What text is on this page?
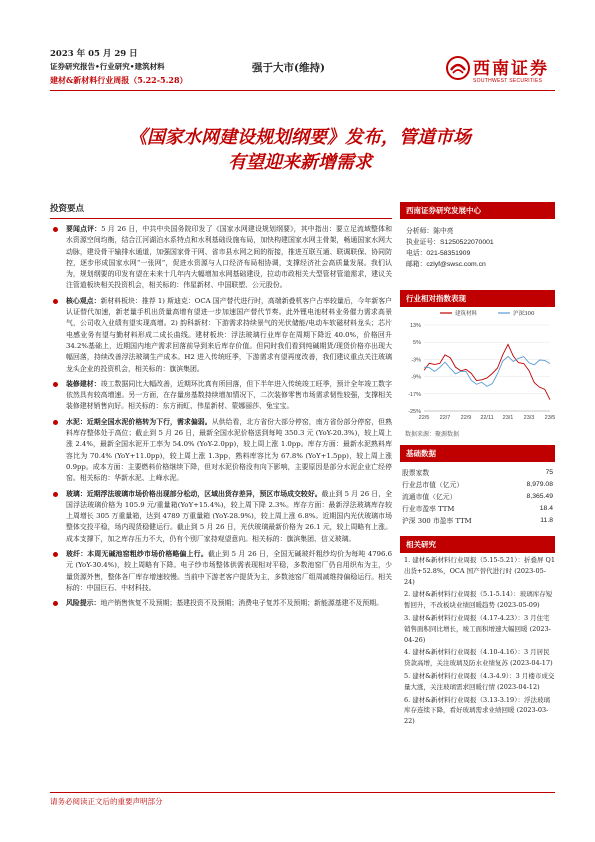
2023 年 05 月 29 日
证券研究报告•行业研究•建筑材料
建材&新材料行业周报（5.22-5.28）
强于大市(维持)	西南证券
SOUTHWEST SECURITIES
《国家水网建设规划纲要》发布，管道市场
有望迎来新增需求
投资要点
要闻点评：5 月 26 日，中共中央国务院印发了《国家水网建设规划纲要》，其中指出：要立足流域整体和水资源空间均衡，结合江河湖泊水系特点和水利基础设施布局，加快构建国家水网主骨架，畅通国家水网大动脉，建设骨干输排水通道，加强国家骨干网、省市县水网之间的衔接，推进互联互通、联调联保、协同防控，逐步形成国家水网“一张网”，促进水资源与人口经济布局相协调，支撑经济社会高质量发展。我们认为，规划纲要的印发有望在未来十几年内大幅增加水网基础建设，拉动市政相关大型管材管道需求，建议关注管道板块相关投资机会，相关标的：伟星新材、中国联塑、公元股份。
核心观点：新材料板块：推荐 1) 斯迪克：OCA 国产替代进行时，高端新叠机客户占率较量后，今年新客户认证替代加速，新老量手机出货量高增有望进一步加速国产替代节奏。此外锂电池材料业务催力需求高景气，公司收入业绩有望实现高增。2) 韵科新材：下游需求持续景气的光伏储能/电动车软磁材料龙头；芯片电感业务有望与勤材料形成二成长曲线。建材板块：浮法玻璃行业库存在周期下降近 40.0%，价格回升 34.2%基础上，近期国内地产需求回落前导到来后库存价值。但同时我们看到纯碱期货/现货价格亦出现大幅回落，持续改善浮法玻璃生产成本。H2 进入传统旺季，下游需求有望再度改善，我们建议重点关注玻璃龙头企业的投资机会，相关标的：旗滨集团。
装修建材：竣工数据同比大幅改善，近期环比真有所回落，但下半年进入传统竣工旺季，预计全年竣工数字依然具有较高增速。另一方面，在存量房基数持续增加情况下，二次装修零售市场需求韧性较强，支撑相关装修建材销售向好。相关标的：东方雨虹、伟星新材、蒙娜丽莎、兔宝宝。
水泥：近期全国水泥价格转为下行，需求偏弱。从供给看，北方省份大部分停窑，南方省份部分停窑，但熟料库存整体处于高位；截止到 5 月 26 日，最新全国水泥价格送到每吨 350.3 元 (YoY-20.3%)，较上周上涨 2.4%，最新全国水泥开工率为 54.0% (YoY-2.0pp)，较上周上涨 1.0pp。库存方面：最新水泥熟料库容比为 70.4% (YoY+11.0pp)，较上周上涨 1.3pp，熟料库容比为 67.8% (YoY+1.5pp)，较上周上涨 0.9pp。成本方面：主要燃料价格继续下降，但对水泥价格没有向下影响，主要原因是部分水泥企业亡经停窑。相关标的：华新水泥、上峰水泥。
玻璃：近期浮法玻璃市场价格出现部分松动，区域出货存差异，预区市场成交较好。截止到 5 月 26 日，全国浮法玻璃价格为 105.9 元/重量箱(YoY+15.4%)，较上周下降 2.3%。库存方面：最新浮法玻璃库存较上周增长 305 万重量箱，达到 4789 万重量箱 (YoY-28.9%)，较上周上涨 6.8%。近期国内光伏玻璃市场整体交投平稳，场内现货稳健运行。截止到 5 月 26 日，光伏玻璃最新价格为 26.1 元，较上周略有上涨。成本支撑下，加之库存压力不大，仍有个别厂家持观望意向。相关标的：旗滨集团、信义玻璃。
玻纤：本周无碱池窑粗纱市场价格略偏上行。截止到 5 月 26 日，全国无碱玻纤粗纱均价为每吨 4796.6 元 (YoY-30.4%)，较上周略有下降。电子纱市场整体供需表现相对平稳，多数池窑厂仍自用织布为主，少量货源外售，整体各厂库存增速较慢。当前中下游老客户提货为主，多数池窑厂组周减维持偏稳运行。相关标的：中国巨石、中材科技。
风险提示：地产销售恢复不及预期；基建投资不及预期；消费电子复苏不及预期；新能源基建不及预期。
西南证券研究发展中心
分析师：陈中亮
执业证号：S1250522070001
电话：021-58351909
邮箱：czlyf@swsc.com.cn
行业相对指数表现
13%
5%
-3%
-9%
-17%
-25%
22/5 22/7 22/9 22/11 23/1 23/3 23/5
建筑材料	沪深300
数据来源：聚源数据
基础数据
股票家数	75
行业总市值（亿元）	8,979.08
流通市值（亿元）	8,365.49
行业市盈率 TTM	18.4
沪深 300 市盈率 TTM	11.8
相关研究
1. 建材&新材料行业周报（5.15-5.21）：折叠屏 Q1 出货+52.8%，OCA 国产替代进行时 (2023-05-24)
2. 建材&新材料行业周报（5.1-5.14）：玻璃库存短暂回升，不改板块业绩回暖趋势 (2023-05-09)
3. 建材&新材料行业周报（4.17-4.23）：3 月住宅销售面积同比增长，竣工面积增速大幅回暖 (2023-04-26)
4. 建材&新材料行业周报（4.10-4.16）：3 月居民贷款高增，关注玻璃及防水业绩复苏 (2023-04-17)
5. 建材&新材料行业周报（4.3-4.9）：3 月楼市成交量大涨，关注玻璃需求回暖行情 (2023-04-12)
6. 建材&新材料行业周报（3.13-3.19）：浮法玻璃库存连续下降，看好玻璃需求业绩回暖 (2023-03-22)
请务必阅读正文后的重要声明部分
